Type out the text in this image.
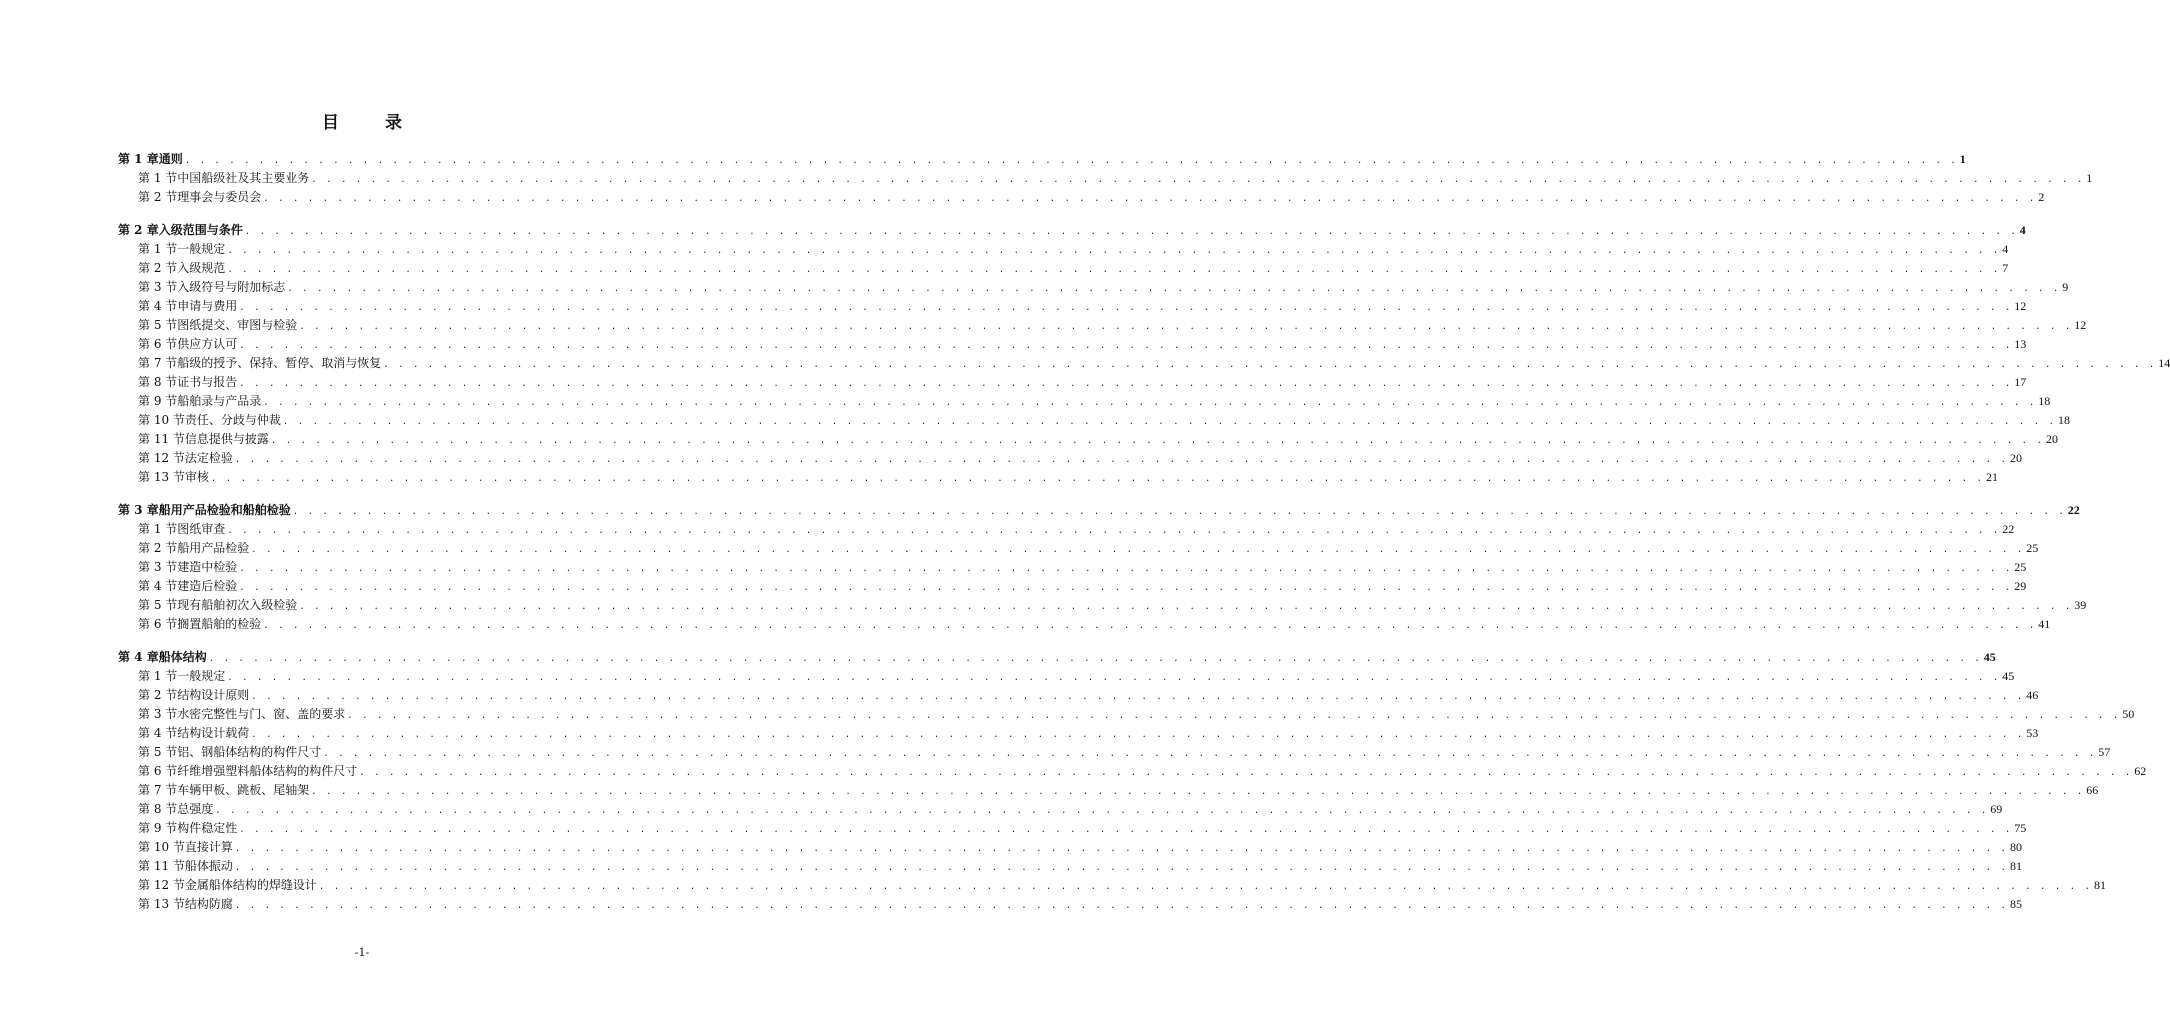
目	录
第 1 章 通则 . . . . . . . . . . . . . . . . . . . . . . . . . . . . . . . . . . . . . . . . . . . . . . . . . . . . . . . . . . . . . . . . . . . . . . . . . . . . . . . . . . . . . . . . . . . . . . . . . . . . . . . . . . . . . . . . . . . . . . . . 1
第 1 节 中国船级社及其主要业务 . . . . . . . . . . . . . . . . . . . . . . . . . . . . . . . . . . . . . . . . . . . . . . . . . . . . . . . . . . . . . . . . . . . . . . . . . . . . . . . . . . . . . . . . . . . . . . . . . . . . . . . . . . . . . . . . . . . . . . . . 1
第 2 节 理事会与委员会 . . . . . . . . . . . . . . . . . . . . . . . . . . . . . . . . . . . . . . . . . . . . . . . . . . . . . . . . . . . . . . . . . . . . . . . . . . . . . . . . . . . . . . . . . . . . . . . . . . . . . . . . . . . . . . . . . . . . . . . . 2
第 2 章 入级范围与条件 . . . . . . . . . . . . . . . . . . . . . . . . . . . . . . . . . . . . . . . . . . . . . . . . . . . . . . . . . . . . . . . . . . . . . . . . . . . . . . . . . . . . . . . . . . . . . . . . . . . . . . . . . . . . . . . . . . . . . . . . 4
第 1 节 一般规定 . . . . . . . . . . . . . . . . . . . . . . . . . . . . . . . . . . . . . . . . . . . . . . . . . . . . . . . . . . . . . . . . . . . . . . . . . . . . . . . . . . . . . . . . . . . . . . . . . . . . . . . . . . . . . . . . . . . . . . . . 4
第 2 节 入级规范 . . . . . . . . . . . . . . . . . . . . . . . . . . . . . . . . . . . . . . . . . . . . . . . . . . . . . . . . . . . . . . . . . . . . . . . . . . . . . . . . . . . . . . . . . . . . . . . . . . . . . . . . . . . . . . . . . . . . . . . . 7
第 3 节 入级符号与附加标志 . . . . . . . . . . . . . . . . . . . . . . . . . . . . . . . . . . . . . . . . . . . . . . . . . . . . . . . . . . . . . . . . . . . . . . . . . . . . . . . . . . . . . . . . . . . . . . . . . . . . . . . . . . . . . . . . . . . . . . . . 9
第 4 节 申请与费用 . . . . . . . . . . . . . . . . . . . . . . . . . . . . . . . . . . . . . . . . . . . . . . . . . . . . . . . . . . . . . . . . . . . . . . . . . . . . . . . . . . . . . . . . . . . . . . . . . . . . . . . . . . . . . . . . . . . . . . . . 12
第 5 节 图纸提交、审图与检验 . . . . . . . . . . . . . . . . . . . . . . . . . . . . . . . . . . . . . . . . . . . . . . . . . . . . . . . . . . . . . . . . . . . . . . . . . . . . . . . . . . . . . . . . . . . . . . . . . . . . . . . . . . . . . . . . . . . . . . . . 12
第 6 节 供应方认可 . . . . . . . . . . . . . . . . . . . . . . . . . . . . . . . . . . . . . . . . . . . . . . . . . . . . . . . . . . . . . . . . . . . . . . . . . . . . . . . . . . . . . . . . . . . . . . . . . . . . . . . . . . . . . . . . . . . . . . . . 13
第 7 节 船级的授予、保持、暂停、取消与恢复 . . . . . . . . . . . . . . . . . . . . . . . . . . . . . . . . . . . . . . . . . . . . . . . . . . . . . . . . . . . . . . . . . . . . . . . . . . . . . . . . . . . . . . . . . . . . . . . . . . . . . . . . . . . . . . . . . . . . . . . . 14
第 8 节 证书与报告 . . . . . . . . . . . . . . . . . . . . . . . . . . . . . . . . . . . . . . . . . . . . . . . . . . . . . . . . . . . . . . . . . . . . . . . . . . . . . . . . . . . . . . . . . . . . . . . . . . . . . . . . . . . . . . . . . . . . . . . . 17
第 9 节 船舶录与产品录 . . . . . . . . . . . . . . . . . . . . . . . . . . . . . . . . . . . . . . . . . . . . . . . . . . . . . . . . . . . . . . . . . . . . . . . . . . . . . . . . . . . . . . . . . . . . . . . . . . . . . . . . . . . . . . . . . . . . . . . . 18
第 10 节 责任、分歧与仲裁 . . . . . . . . . . . . . . . . . . . . . . . . . . . . . . . . . . . . . . . . . . . . . . . . . . . . . . . . . . . . . . . . . . . . . . . . . . . . . . . . . . . . . . . . . . . . . . . . . . . . . . . . . . . . . . . . . . . . . . . . 18
第 11 节 信息提供与披露 . . . . . . . . . . . . . . . . . . . . . . . . . . . . . . . . . . . . . . . . . . . . . . . . . . . . . . . . . . . . . . . . . . . . . . . . . . . . . . . . . . . . . . . . . . . . . . . . . . . . . . . . . . . . . . . . . . . . . . . . 20
第 12 节 法定检验 . . . . . . . . . . . . . . . . . . . . . . . . . . . . . . . . . . . . . . . . . . . . . . . . . . . . . . . . . . . . . . . . . . . . . . . . . . . . . . . . . . . . . . . . . . . . . . . . . . . . . . . . . . . . . . . . . . . . . . . . 20
第 13 节 审核 . . . . . . . . . . . . . . . . . . . . . . . . . . . . . . . . . . . . . . . . . . . . . . . . . . . . . . . . . . . . . . . . . . . . . . . . . . . . . . . . . . . . . . . . . . . . . . . . . . . . . . . . . . . . . . . . . . . . . . . . 21
第 3 章 船用产品检验和船舶检验 . . . . . . . . . . . . . . . . . . . . . . . . . . . . . . . . . . . . . . . . . . . . . . . . . . . . . . . . . . . . . . . . . . . . . . . . . . . . . . . . . . . . . . . . . . . . . . . . . . . . . . . . . . . . . . . . . . . . . . . . 22
第 1 节 图纸审查 . . . . . . . . . . . . . . . . . . . . . . . . . . . . . . . . . . . . . . . . . . . . . . . . . . . . . . . . . . . . . . . . . . . . . . . . . . . . . . . . . . . . . . . . . . . . . . . . . . . . . . . . . . . . . . . . . . . . . . . . 22
第 2 节 船用产品检验 . . . . . . . . . . . . . . . . . . . . . . . . . . . . . . . . . . . . . . . . . . . . . . . . . . . . . . . . . . . . . . . . . . . . . . . . . . . . . . . . . . . . . . . . . . . . . . . . . . . . . . . . . . . . . . . . . . . . . . . . 25
第 3 节 建造中检验 . . . . . . . . . . . . . . . . . . . . . . . . . . . . . . . . . . . . . . . . . . . . . . . . . . . . . . . . . . . . . . . . . . . . . . . . . . . . . . . . . . . . . . . . . . . . . . . . . . . . . . . . . . . . . . . . . . . . . . . . 25
第 4 节 建造后检验 . . . . . . . . . . . . . . . . . . . . . . . . . . . . . . . . . . . . . . . . . . . . . . . . . . . . . . . . . . . . . . . . . . . . . . . . . . . . . . . . . . . . . . . . . . . . . . . . . . . . . . . . . . . . . . . . . . . . . . . . 29
第 5 节 现有船舶初次入级检验 . . . . . . . . . . . . . . . . . . . . . . . . . . . . . . . . . . . . . . . . . . . . . . . . . . . . . . . . . . . . . . . . . . . . . . . . . . . . . . . . . . . . . . . . . . . . . . . . . . . . . . . . . . . . . . . . . . . . . . . . 39
第 6 节 搁置船舶的检验 . . . . . . . . . . . . . . . . . . . . . . . . . . . . . . . . . . . . . . . . . . . . . . . . . . . . . . . . . . . . . . . . . . . . . . . . . . . . . . . . . . . . . . . . . . . . . . . . . . . . . . . . . . . . . . . . . . . . . . . . 41
第 4 章 船体结构 . . . . . . . . . . . . . . . . . . . . . . . . . . . . . . . . . . . . . . . . . . . . . . . . . . . . . . . . . . . . . . . . . . . . . . . . . . . . . . . . . . . . . . . . . . . . . . . . . . . . . . . . . . . . . . . . . . . . . . . . 45
第 1 节 一般规定 . . . . . . . . . . . . . . . . . . . . . . . . . . . . . . . . . . . . . . . . . . . . . . . . . . . . . . . . . . . . . . . . . . . . . . . . . . . . . . . . . . . . . . . . . . . . . . . . . . . . . . . . . . . . . . . . . . . . . . . . 45
第 2 节 结构设计原则 . . . . . . . . . . . . . . . . . . . . . . . . . . . . . . . . . . . . . . . . . . . . . . . . . . . . . . . . . . . . . . . . . . . . . . . . . . . . . . . . . . . . . . . . . . . . . . . . . . . . . . . . . . . . . . . . . . . . . . . . 46
第 3 节 水密完整性与门、窗、盖的要求 . . . . . . . . . . . . . . . . . . . . . . . . . . . . . . . . . . . . . . . . . . . . . . . . . . . . . . . . . . . . . . . . . . . . . . . . . . . . . . . . . . . . . . . . . . . . . . . . . . . . . . . . . . . . . . . . . . . . . . . . 50
第 4 节 结构设计载荷 . . . . . . . . . . . . . . . . . . . . . . . . . . . . . . . . . . . . . . . . . . . . . . . . . . . . . . . . . . . . . . . . . . . . . . . . . . . . . . . . . . . . . . . . . . . . . . . . . . . . . . . . . . . . . . . . . . . . . . . . 53
第 5 节 铝、钢船体结构的构件尺寸 . . . . . . . . . . . . . . . . . . . . . . . . . . . . . . . . . . . . . . . . . . . . . . . . . . . . . . . . . . . . . . . . . . . . . . . . . . . . . . . . . . . . . . . . . . . . . . . . . . . . . . . . . . . . . . . . . . . . . . . . 57
第 6 节 纤维增强塑料船体结构的构件尺寸 . . . . . . . . . . . . . . . . . . . . . . . . . . . . . . . . . . . . . . . . . . . . . . . . . . . . . . . . . . . . . . . . . . . . . . . . . . . . . . . . . . . . . . . . . . . . . . . . . . . . . . . . . . . . . . . . . . . . . . . . 62
第 7 节 车辆甲板、跳板、尾轴架 . . . . . . . . . . . . . . . . . . . . . . . . . . . . . . . . . . . . . . . . . . . . . . . . . . . . . . . . . . . . . . . . . . . . . . . . . . . . . . . . . . . . . . . . . . . . . . . . . . . . . . . . . . . . . . . . . . . . . . . . 66
第 8 节 总强度 . . . . . . . . . . . . . . . . . . . . . . . . . . . . . . . . . . . . . . . . . . . . . . . . . . . . . . . . . . . . . . . . . . . . . . . . . . . . . . . . . . . . . . . . . . . . . . . . . . . . . . . . . . . . . . . . . . . . . . . . 69
第 9 节 构件稳定性 . . . . . . . . . . . . . . . . . . . . . . . . . . . . . . . . . . . . . . . . . . . . . . . . . . . . . . . . . . . . . . . . . . . . . . . . . . . . . . . . . . . . . . . . . . . . . . . . . . . . . . . . . . . . . . . . . . . . . . . . 75
第 10 节 直接计算 . . . . . . . . . . . . . . . . . . . . . . . . . . . . . . . . . . . . . . . . . . . . . . . . . . . . . . . . . . . . . . . . . . . . . . . . . . . . . . . . . . . . . . . . . . . . . . . . . . . . . . . . . . . . . . . . . . . . . . . . 80
第 11 节 船体振动 . . . . . . . . . . . . . . . . . . . . . . . . . . . . . . . . . . . . . . . . . . . . . . . . . . . . . . . . . . . . . . . . . . . . . . . . . . . . . . . . . . . . . . . . . . . . . . . . . . . . . . . . . . . . . . . . . . . . . . . . 81
第 12 节 金属船体结构的焊缝设计 . . . . . . . . . . . . . . . . . . . . . . . . . . . . . . . . . . . . . . . . . . . . . . . . . . . . . . . . . . . . . . . . . . . . . . . . . . . . . . . . . . . . . . . . . . . . . . . . . . . . . . . . . . . . . . . . . . . . . . . . 81
第 13 节 结构防腐 . . . . . . . . . . . . . . . . . . . . . . . . . . . . . . . . . . . . . . . . . . . . . . . . . . . . . . . . . . . . . . . . . . . . . . . . . . . . . . . . . . . . . . . . . . . . . . . . . . . . . . . . . . . . . . . . . . . . . . . . 85
-1-
